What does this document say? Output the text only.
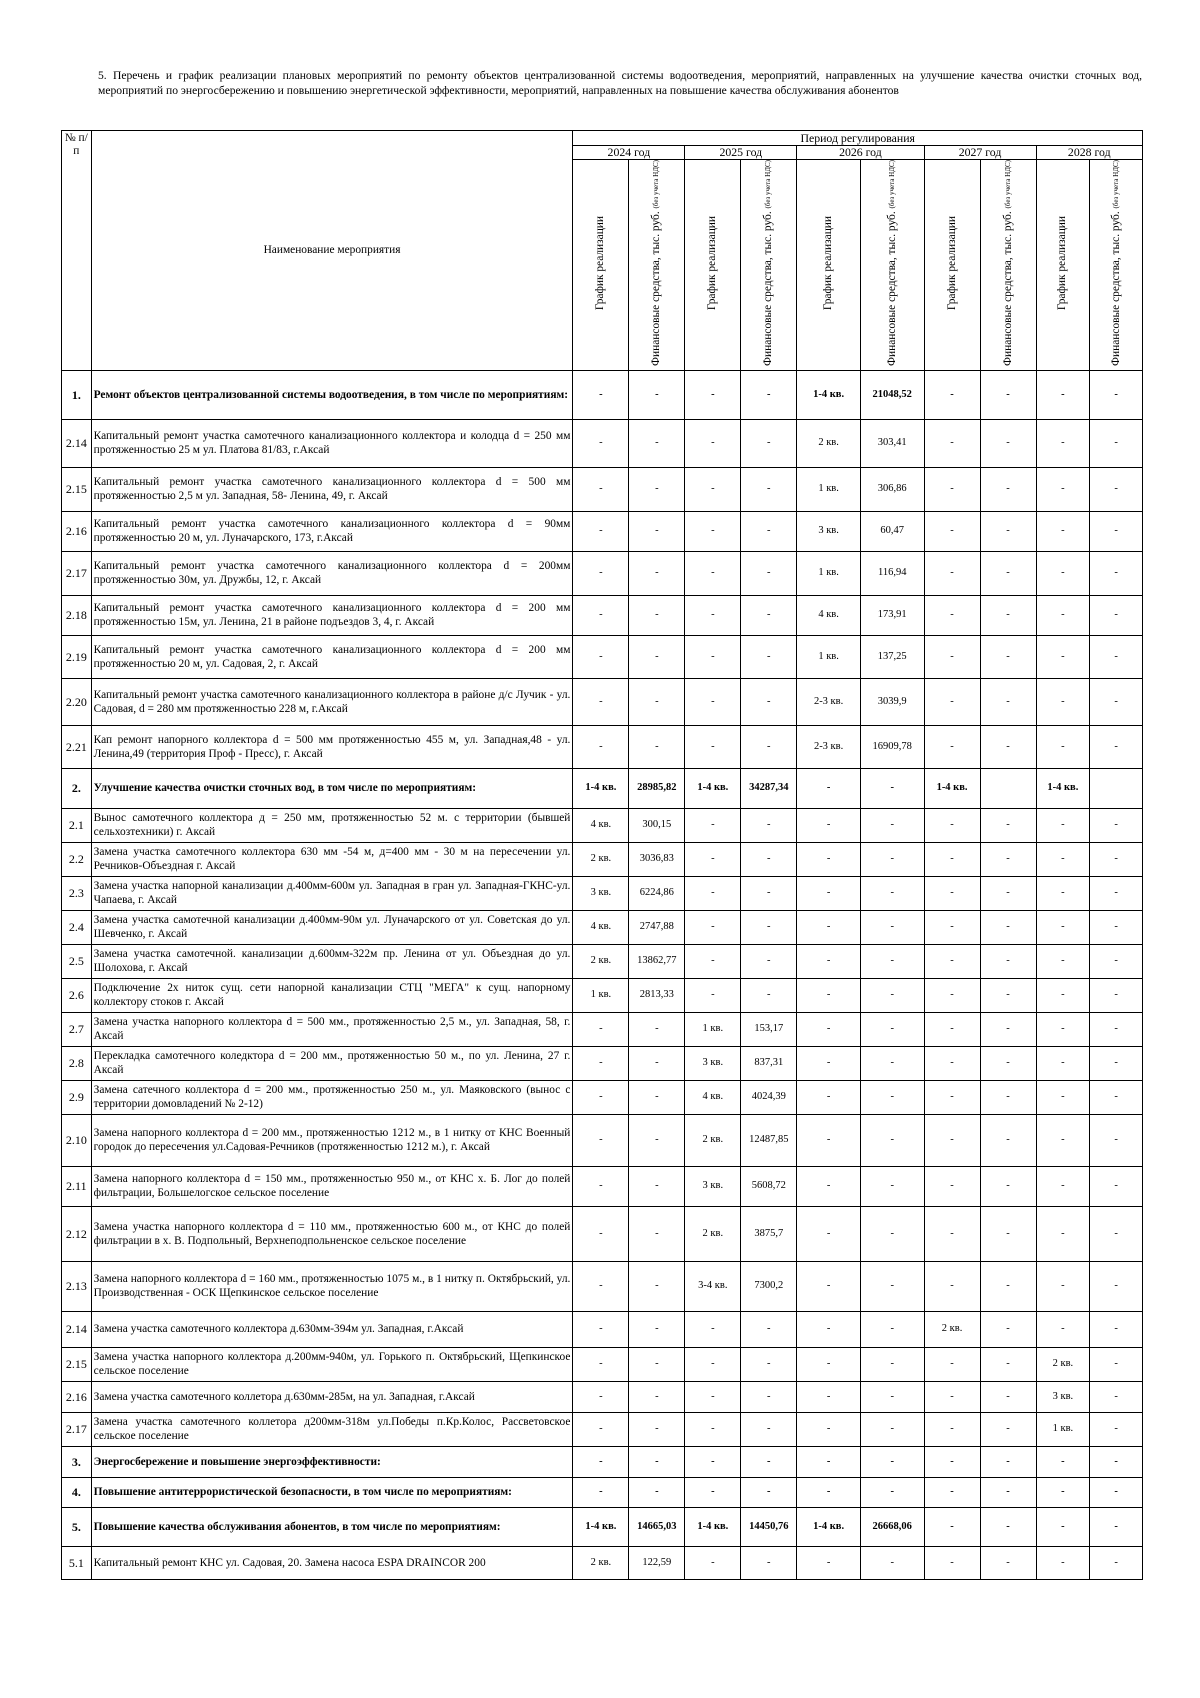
5. Перечень и график реализации плановых мероприятий по ремонту объектов централизованной системы водоотведения, мероприятий, направленных на улучшение качества очистки сточных вод, мероприятий по энергосбережению и повышению энергетической эффективности, мероприятий, направленных на повышение качества обслуживания абонентов
№ п/п	Наименование мероприятия	Период регулирования									
		2024 год		2025 год		2026 год		2027 год		2028 год	
		График реализации	Финансовые средства, тыс. руб. (без учета НДС)	График реализации	Финансовые средства, тыс. руб. (без учета НДС)	График реализации	Финансовые средства, тыс. руб. (без учета НДС)	График реализации	Финансовые средства, тыс. руб. (без учета НДС)	График реализации	Финансовые средства, тыс. руб. (без учета НДС)
1.	Ремонт объектов централизованной системы водоотведения, в том числе по мероприятиям:	-	-	-	-	1-4 кв.	21048,52	-	-	-	-
2.14	Капитальный ремонт участка самотечного канализационного коллектора и колодца d = 250 мм протяженностью 25 м ул. Платова 81/83, г.Аксай	-	-	-	-	2 кв.	303,41	-	-	-	-
2.15	Капитальный ремонт участка самотечного канализационного коллектора d = 500 мм протяженностью 2,5 м ул. Западная, 58- Ленина, 49, г. Аксай	-	-	-	-	1 кв.	306,86	-	-	-	-
2.16	Капитальный ремонт участка самотечного канализационного коллектора d = 90мм протяженностью 20 м, ул. Луначарского, 173, г.Аксай	-	-	-	-	3 кв.	60,47	-	-	-	-
2.17	Капитальный ремонт участка самотечного канализационного коллектора d = 200мм протяженностью 30м, ул. Дружбы, 12, г. Аксай	-	-	-	-	1 кв.	116,94	-	-	-	-
2.18	Капитальный ремонт участка самотечного канализационного коллектора d = 200 мм протяженностью 15м, ул. Ленина, 21 в районе подъездов 3, 4, г. Аксай	-	-	-	-	4 кв.	173,91	-	-	-	-
2.19	Капитальный ремонт участка самотечного канализационного коллектора d = 200 мм протяженностью 20 м, ул. Садовая, 2, г. Аксай	-	-	-	-	1 кв.	137,25	-	-	-	-
2.20	Капитальный ремонт участка самотечного канализационного коллектора в районе д/с Лучик - ул. Садовая, d = 280 мм протяженностью 228 м, г.Аксай	-	-	-	-	2-3 кв.	3039,9	-	-	-	-
2.21	Кап ремонт напорного коллектора d = 500 мм протяженностью 455 м, ул. Западная,48 - ул. Ленина,49 (территория Проф - Пресс), г. Аксай	-	-	-	-	2-3 кв.	16909,78	-	-	-	-
2.	Улучшение качества очистки сточных вод, в том числе по мероприятиям:	1-4 кв.	28985,82	1-4 кв.	34287,34	-	-	1-4 кв.		1-4 кв.	
2.1	Вынос самотечного коллектора д = 250 мм, протяженностью 52 м. с территории (бывшей сельхозтехники) г. Аксай	4 кв.	300,15	-	-	-	-	-	-	-	-
2.2	Замена участка самотечного коллектора 630 мм -54 м, д=400 мм - 30 м на пересечении ул. Речников-Объездная г. Аксай	2 кв.	3036,83	-	-	-	-	-	-	-	-
2.3	Замена участка напорной канализации д.400мм-600м ул. Западная в гран ул. Западная-ГКНС-ул. Чапаева, г. Аксай	3 кв.	6224,86	-	-	-	-	-	-	-	-
2.4	Замена участка самотечной канализации д.400мм-90м ул. Луначарского от ул. Советская до ул. Шевченко, г. Аксай	4 кв.	2747,88	-	-	-	-	-	-	-	-
2.5	Замена участка самотечной. канализации д.600мм-322м пр. Ленина от ул. Объездная до ул. Шолохова, г. Аксай	2 кв.	13862,77	-	-	-	-	-	-	-	-
2.6	Подключение 2х ниток сущ. сети напорной канализации СТЦ "МЕГА" к сущ. напорному коллектору стоков г. Аксай	1 кв.	2813,33	-	-	-	-	-	-	-	-
2.7	Замена участка напорного коллектора d = 500 мм., протяженностью 2,5 м., ул. Западная, 58, г. Аксай	-	-	1 кв.	153,17	-	-	-	-	-	-
2.8	Перекладка самотечного коледктора d = 200 мм., протяженностью 50 м., по ул. Ленина, 27 г. Аксай	-	-	3 кв.	837,31	-	-	-	-	-	-
2.9	Замена сатечного коллектора d = 200 мм., протяженностью 250 м., ул. Маяковского (вынос с территории домовладений № 2-12)	-	-	4 кв.	4024,39	-	-	-	-	-	-
2.10	Замена напорного коллектора d = 200 мм., протяженностью 1212 м., в 1 нитку от КНС Военный городок до пересечения ул.Садовая-Речников (протяженностью 1212 м.), г. Аксай	-	-	2 кв.	12487,85	-	-	-	-	-	-
2.11	Замена напорного коллектора d = 150 мм., протяженностью 950 м., от КНС х. Б. Лог до полей фильтрации, Большелогское сельское поселение	-	-	3 кв.	5608,72	-	-	-	-	-	-
2.12	Замена участка напорного коллектора d = 110 мм., протяженностью 600 м., от КНС до полей фильтрации в х. В. Подпольный, Верхнеподпольненское сельское поселение	-	-	2 кв.	3875,7	-	-	-	-	-	-
2.13	Замена напорного коллектора d = 160 мм., протяженностью 1075 м., в 1 нитку п. Октябрьский, ул. Производственная - ОСК Щепкинское сельское поселение	-	-	3-4 кв.	7300,2	-	-	-	-	-	-
2.14	Замена участка самотечного коллектора д.630мм-394м ул. Западная, г.Аксай	-	-	-	-	-	-	2 кв.	-	-	-
2.15	Замена участка напорного коллектора д.200мм-940м, ул. Горького п. Октябрьский, Щепкинское сельское поселение	-	-	-	-	-	-	-	-	2 кв.	-
2.16	Замена участка самотечного коллетора д.630мм-285м, на ул. Западная, г.Аксай	-	-	-	-	-	-	-	-	3 кв.	-
2.17	Замена участка самотечного коллетора д200мм-318м ул.Победы п.Кр.Колос, Рассветовское сельское поселение	-	-	-	-	-	-	-	-	1 кв.	-
3.	Энергосбережение и повышение энергоэффективности:	-	-	-	-	-	-	-	-	-	-
4.	Повышение антитеррористической безопасности, в том числе по мероприятиям:	-	-	-	-	-	-	-	-	-	-
5.	Повышение качества обслуживания абонентов, в том числе по мероприятиям:	1-4 кв.	14665,03	1-4 кв.	14450,76	1-4 кв.	26668,06	-	-	-	-
5.1	Капитальный ремонт КНС ул. Садовая, 20. Замена насоса ESPA DRAINCOR 200	2 кв.	122,59	-	-	-	-	-	-	-	-
